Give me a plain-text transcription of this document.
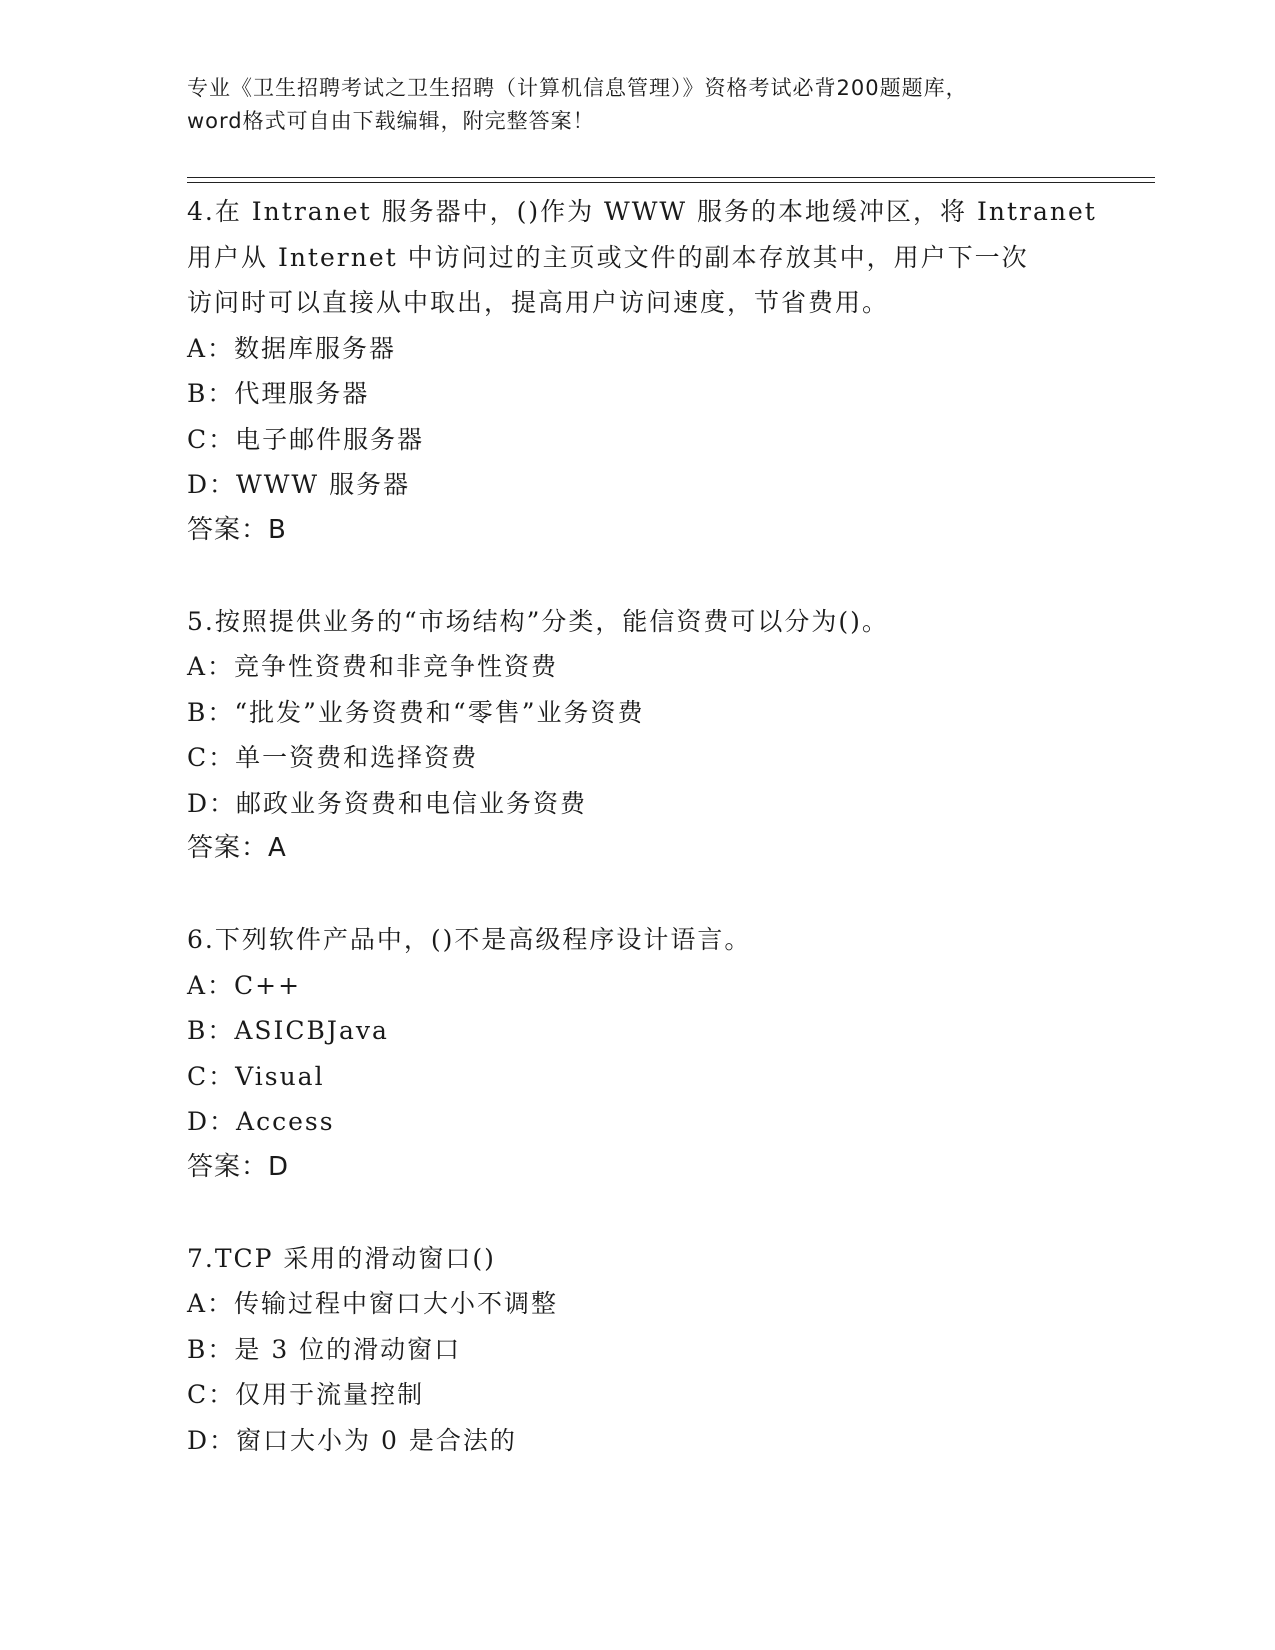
专业《卫生招聘考试之卫生招聘（计算机信息管理）》资格考试必背200题题库，
word格式可自由下载编辑，附完整答案！
4.在 Intranet 服务器中，()作为 WWW 服务的本地缓冲区，将 Intranet
用户从 Internet 中访问过的主页或文件的副本存放其中，用户下一次
访问时可以直接从中取出，提高用户访问速度，节省费用。
A：数据库服务器
B：代理服务器
C：电子邮件服务器
D：WWW 服务器
答案：B
5.按照提供业务的“市场结构”分类，能信资费可以分为()。
A：竞争性资费和非竞争性资费
B：“批发”业务资费和“零售”业务资费
C：单一资费和选择资费
D：邮政业务资费和电信业务资费
答案：A
6.下列软件产品中，()不是高级程序设计语言。
A：C++
B：ASICBJava
C：Visual
D：Access
答案：D
7.TCP 采用的滑动窗口()
A：传输过程中窗口大小不调整
B：是 3 位的滑动窗口
C：仅用于流量控制
D：窗口大小为 0 是合法的
